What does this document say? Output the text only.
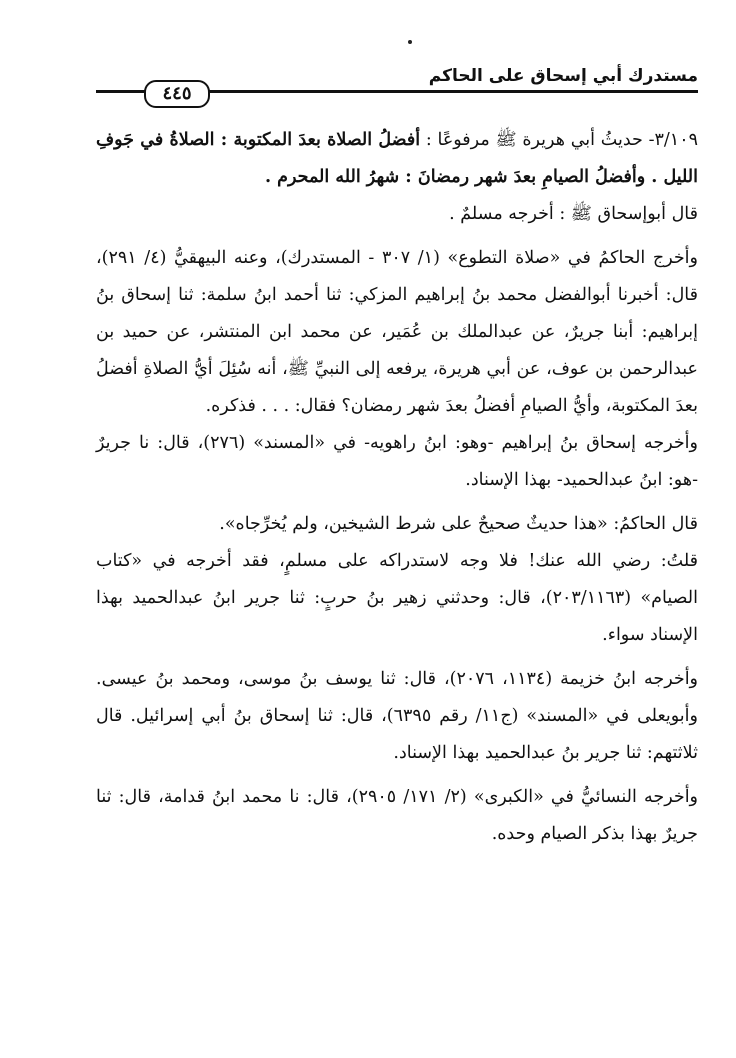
مستدرك أبي إسحاق على الحاكم
٤٤٥

٣/١٠٩- حديثُ أبي هريرة ﷺ مرفوعًا : أفضلُ الصلاة بعدَ المكتوبة : الصلاةُ في جَوفِ الليل . وأفضلُ الصيامِ بعدَ شهر رمضانَ : شهرُ الله المحرم .

قال أبوإسحاق ﷺ : أخرجه مسلمٌ .

وأخرج الحاكمُ في «صلاة التطوع» (١/ ٣٠٧ - المستدرك)، وعنه البيهقيُّ (٤/ ٢٩١)، قال: أخبرنا أبوالفضل محمد بنُ إبراهيم المزكي: ثنا أحمد ابنُ سلمة: ثنا إسحاق بنُ إبراهيم: أبنا جريرٌ، عن عبدالملك بن عُمَير، عن محمد ابن المنتشر، عن حميد بن عبدالرحمن بن عوف، عن أبي هريرة، يرفعه إلى النبيِّ ﷺ، أنه سُئِلَ أيُّ الصلاةِ أفضلُ بعدَ المكتوبة، وأيُّ الصيامِ أفضلُ بعدَ شهر رمضان؟ فقال: . . . فذكره.

وأخرجه إسحاق بنُ إبراهيم -وهو: ابنُ راهويه- في «المسند» (٢٧٦)، قال: نا جريرٌ -هو: ابنُ عبدالحميد- بهذا الإسناد.

قال الحاكمُ: «هذا حديثٌ صحيحٌ على شرط الشيخين، ولم يُخرِّجاه».

قلتُ: رضي الله عنك! فلا وجه لاستدراكه على مسلمٍ، فقد أخرجه في «كتاب الصيام» (٢٠٣/١١٦٣)، قال: وحدثني زهير بنُ حربٍ: ثنا جرير ابنُ عبدالحميد بهذا الإسناد سواء.

وأخرجه ابنُ خزيمة (١١٣٤، ٢٠٧٦)، قال: ثنا يوسف بنُ موسى، ومحمد بنُ عيسى. وأبويعلى في «المسند» (ج١١/ رقم ٦٣٩٥)، قال: ثنا إسحاق بنُ أبي إسرائيل. قال ثلاثتهم: ثنا جرير بنُ عبدالحميد بهذا الإسناد.

وأخرجه النسائيُّ في «الكبرى» (٢/ ١٧١/ ٢٩٠٥)، قال: نا محمد ابنُ قدامة، قال: ثنا جريرٌ بهذا بذكر الصيام وحده.
